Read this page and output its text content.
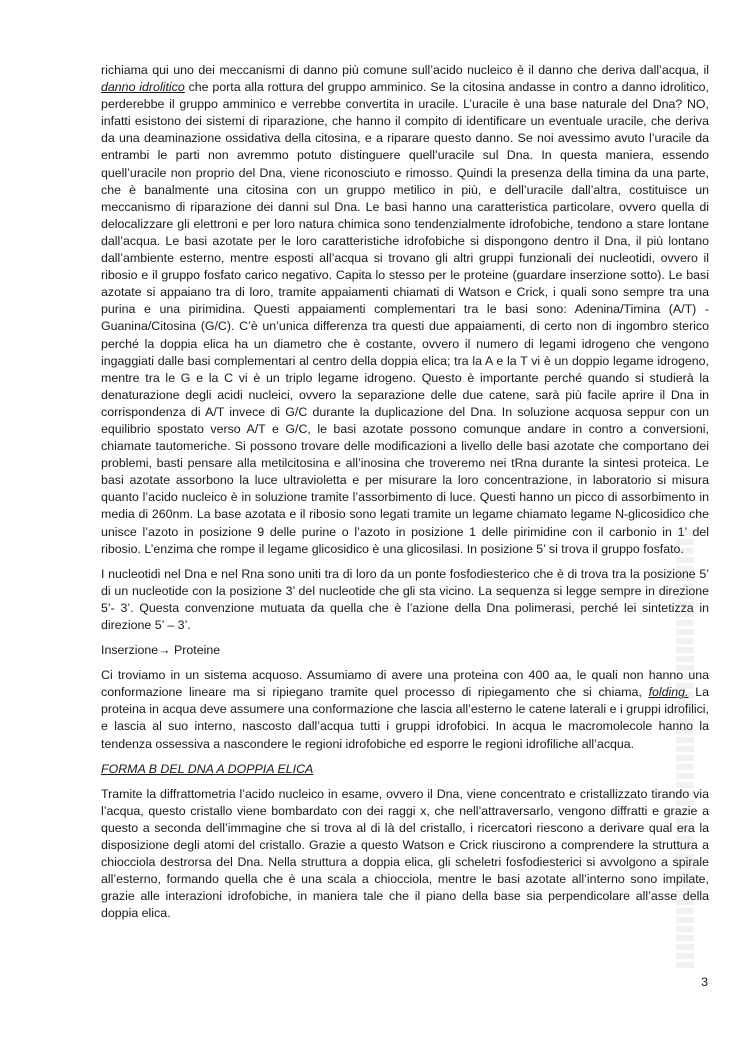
richiama qui uno dei meccanismi di danno più comune sull’acido nucleico è il danno che deriva dall’acqua, il danno idrolitico che porta alla rottura del gruppo amminico. Se la citosina andasse in contro a danno idrolitico, perderebbe il gruppo amminico e verrebbe convertita in uracile. L’uracile è una base naturale del Dna? NO, infatti esistono dei sistemi di riparazione, che hanno il compito di identificare un eventuale uracile, che deriva da una deaminazione ossidativa della citosina, e a riparare questo danno. Se noi avessimo avuto l’uracile da entrambi le parti non avremmo potuto distinguere quell’uracile sul Dna. In questa maniera, essendo quell’uracile non proprio del Dna, viene riconosciuto e rimosso. Quindi la presenza della timina da una parte, che è banalmente una citosina con un gruppo metilico in più, e dell’uracile dall’altra, costituisce un meccanismo di riparazione dei danni sul Dna. Le basi hanno una caratteristica particolare, ovvero quella di delocalizzare gli elettroni e per loro natura chimica sono tendenzialmente idrofobiche, tendono a stare lontane dall’acqua. Le basi azotate per le loro caratteristiche idrofobiche si dispongono dentro il Dna, il più lontano dall’ambiente esterno, mentre esposti all’acqua si trovano gli altri gruppi funzionali dei nucleotidi, ovvero il ribosio e il gruppo fosfato carico negativo. Capita lo stesso per le proteine (guardare inserzione sotto). Le basi azotate si appaiano tra di loro, tramite appaiamenti chiamati di Watson e Crick, i quali sono sempre tra una purina e una pirimidina. Questi appaiamenti complementari tra le basi sono: Adenina/Timina (A/T) - Guanina/Citosina (G/C). C’è un’unica differenza tra questi due appaiamenti, di certo non di ingombro sterico perché la doppia elica ha un diametro che è costante, ovvero il numero di legami idrogeno che vengono ingaggiati dalle basi complementari al centro della doppia elica; tra la A e la T vi è un doppio legame idrogeno, mentre tra le G e la C vi è un triplo legame idrogeno. Questo è importante perché quando si studierà la denaturazione degli acidi nucleici, ovvero la separazione delle due catene, sarà più facile aprire il Dna in corrispondenza di A/T invece di G/C durante la duplicazione del Dna. In soluzione acquosa seppur con un equilibrio spostato verso A/T e G/C, le basi azotate possono comunque andare in contro a conversioni, chiamate tautomeriche. Si possono trovare delle modificazioni a livello delle basi azotate che comportano dei problemi, basti pensare alla metilcitosina e all’inosina che troveremo nei tRna durante la sintesi proteica. Le basi azotate assorbono la luce ultravioletta e per misurare la loro concentrazione, in laboratorio si misura quanto l’acido nucleico è in soluzione tramite l’assorbimento di luce. Questi hanno un picco di assorbimento in media di 260nm. La base azotata e il ribosio sono legati tramite un legame chiamato legame N-glicosidico che unisce l’azoto in posizione 9 delle purine o l’azoto in posizione 1 delle pirimidine con il carbonio in 1’ del ribosio. L’enzima che rompe il legame glicosidico è una glicosilasi. In posizione 5’ si trova il gruppo fosfato.

I nucleotidi nel Dna e nel Rna sono uniti tra di loro da un ponte fosfodiesterico che è di trova tra la posizione 5’ di un nucleotide con la posizione 3’ del nucleotide che gli sta vicino. La sequenza si legge sempre in direzione 5’- 3’. Questa convenzione mutuata da quella che è l’azione della Dna polimerasi, perché lei sintetizza in direzione 5’ – 3’.

Inserzione→ Proteine

Ci troviamo in un sistema acquoso. Assumiamo di avere una proteina con 400 aa, le quali non hanno una conformazione lineare ma si ripiegano tramite quel processo di ripiegamento che si chiama, folding. La proteina in acqua deve assumere una conformazione che lascia all’esterno le catene laterali e i gruppi idrofilici, e lascia al suo interno, nascosto dall’acqua tutti i gruppi idrofobici. In acqua le macromolecole hanno la tendenza ossessiva a nascondere le regioni idrofobiche ed esporre le regioni idrofiliche all’acqua.

FORMA B DEL DNA A DOPPIA ELICA

Tramite la diffrattometria l’acido nucleico in esame, ovvero il Dna, viene concentrato e cristallizzato tirando via l’acqua, questo cristallo viene bombardato con dei raggi x, che nell’attraversarlo, vengono diffratti e grazie a questo a seconda dell’immagine che si trova al di là del cristallo, i ricercatori riescono a derivare qual era la disposizione degli atomi del cristallo. Grazie a questo Watson e Crick riuscirono a comprendere la struttura a chiocciola destrorsa del Dna. Nella struttura a doppia elica, gli scheletri fosfodiesterici si avvolgono a spirale all’esterno, formando quella che è una scala a chiocciola, mentre le basi azotate all’interno sono impilate, grazie alle interazioni idrofobiche, in maniera tale che il piano della base sia perpendicolare all’asse della doppia elica.

3
